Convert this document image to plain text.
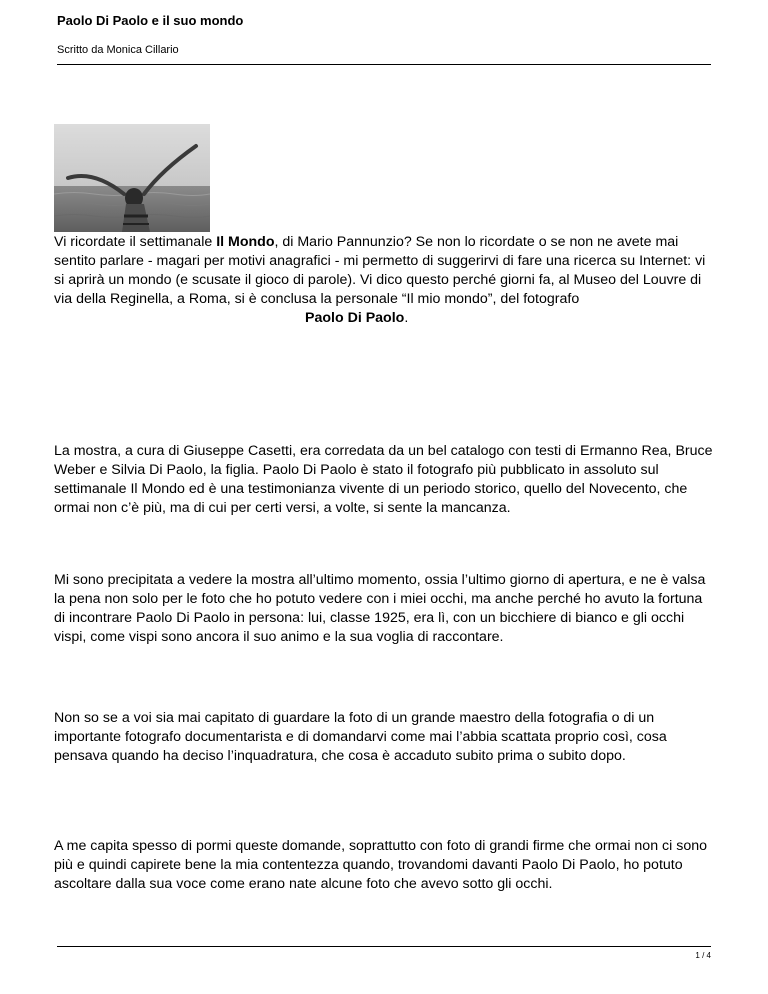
Paolo Di Paolo e il suo mondo
Scritto da Monica Cillario

Vi ricordate il settimanale Il Mondo, di Mario Pannunzio? Se non lo ricordate o se non ne avete mai sentito parlare - magari per motivi anagrafici - mi permetto di suggerirvi di fare una ricerca su Internet: vi si aprirà un mondo (e scusate il gioco di parole). Vi dico questo perché giorni fa, al Museo del Louvre di via della Reginella, a Roma, si è conclusa la personale “Il mio mondo”, del fotografoPaolo Di Paolo.

La mostra, a cura di Giuseppe Casetti, era corredata da un bel catalogo con testi di Ermanno Rea, Bruce Weber e Silvia Di Paolo, la figlia. Paolo Di Paolo è stato il fotografo più pubblicato in assoluto sul settimanale Il Mondo ed è una testimonianza vivente di un periodo storico, quello del Novecento, che ormai non c’è più, ma di cui per certi versi, a volte, si sente la mancanza.

Mi sono precipitata a vedere la mostra all’ultimo momento, ossia l’ultimo giorno di apertura, e ne è valsa la pena non solo per le foto che ho potuto vedere con i miei occhi, ma anche perché ho avuto la fortuna di incontrare Paolo Di Paolo in persona: lui, classe 1925, era lì, con un bicchiere di bianco e gli occhi vispi, come vispi sono ancora il suo animo e la sua voglia di raccontare.

Non so se a voi sia mai capitato di guardare la foto di un grande maestro della fotografia o di un importante fotografo documentarista e di domandarvi come mai l’abbia scattata proprio così, cosa pensava quando ha deciso l’inquadratura, che cosa è accaduto subito prima o subito dopo.

A me capita spesso di pormi queste domande, soprattutto con foto di grandi firme che ormai non ci sono più e quindi capirete bene la mia contentezza quando, trovandomi davanti Paolo Di Paolo, ho potuto ascoltare dalla sua voce come erano nate alcune foto che avevo sotto gli occhi.

1 / 4
